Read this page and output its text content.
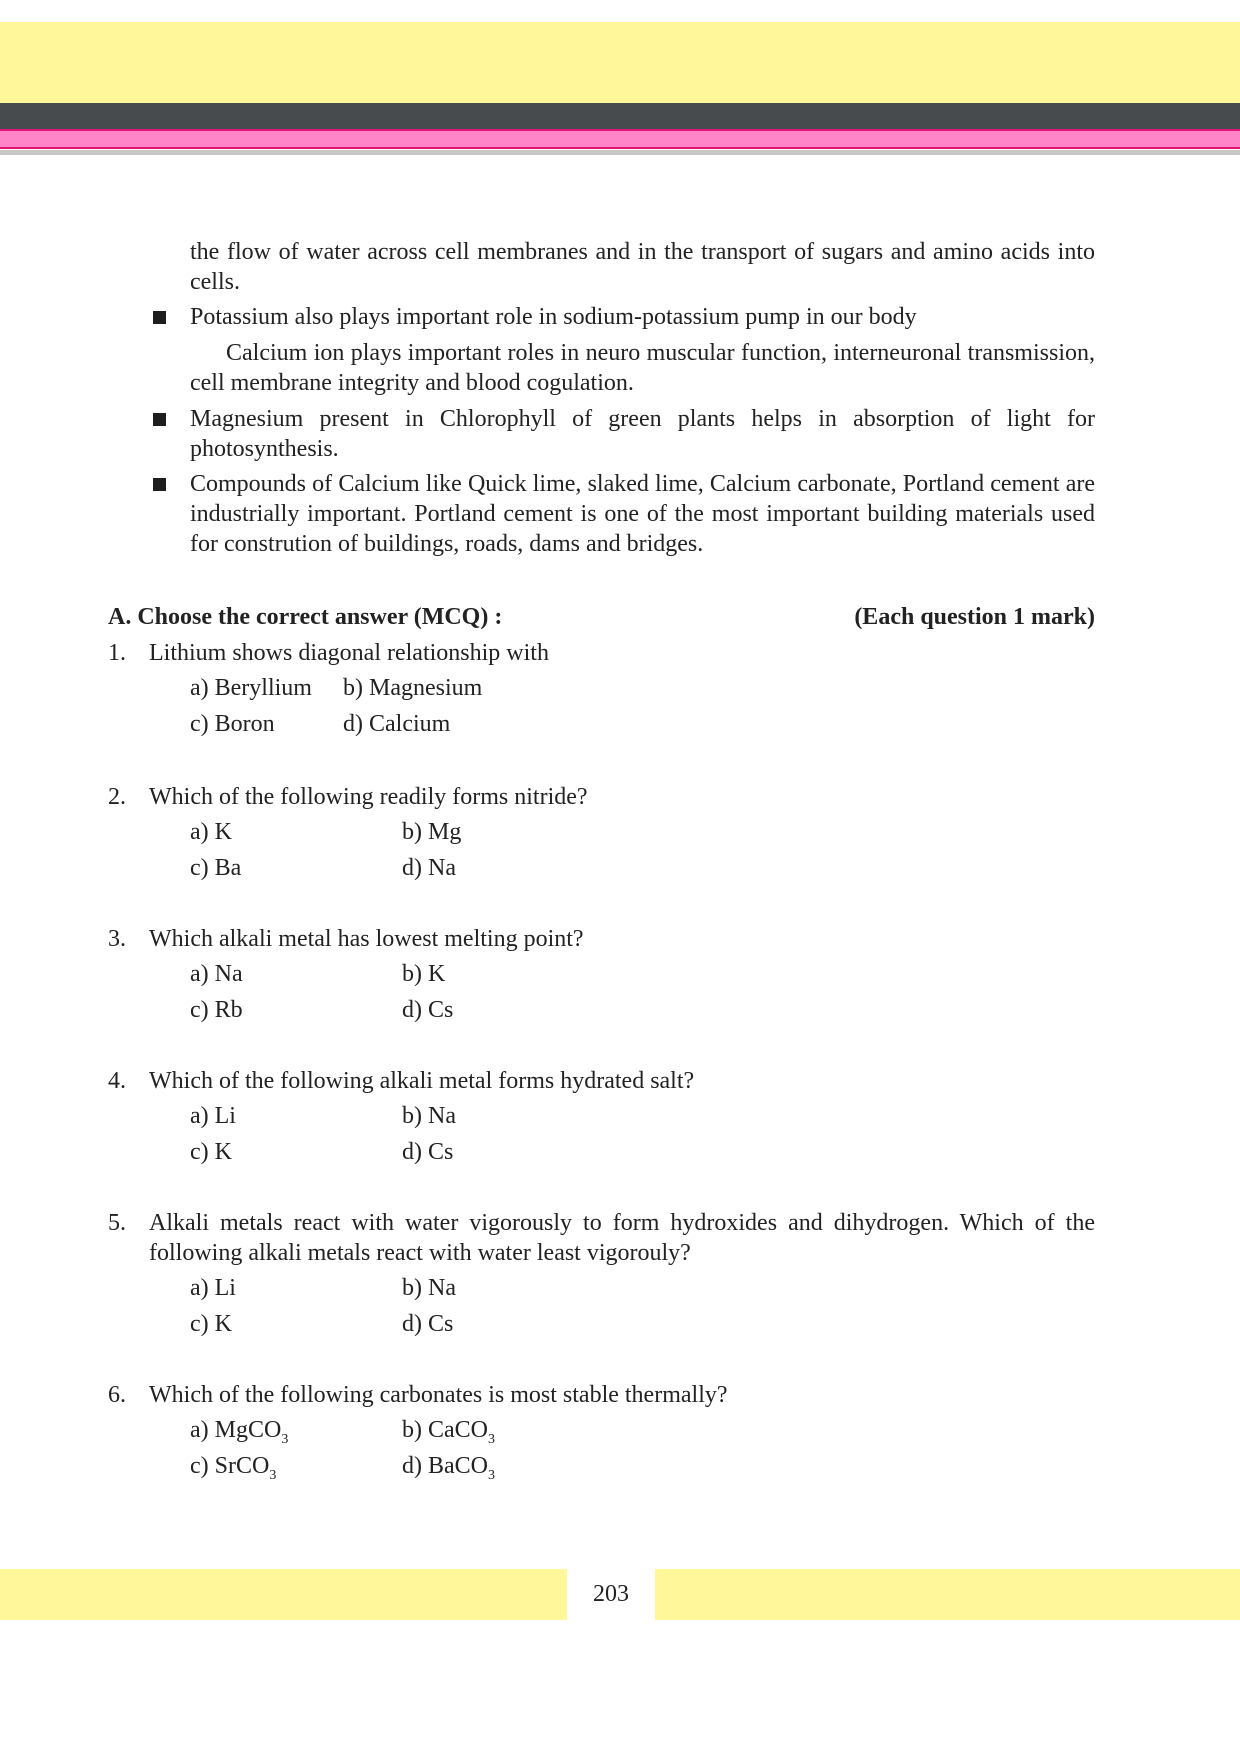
the flow of water across cell membranes and in the transport of sugars and amino acids into cells.
Potassium also plays important role in sodium-potassium pump in our body
Calcium ion plays important roles in neuro muscular function, interneuronal transmission, cell membrane integrity and blood cogulation.
Magnesium present in Chlorophyll of green plants helps in absorption of light for photosynthesis.
Compounds of Calcium like Quick lime, slaked lime, Calcium carbonate, Portland cement are industrially important. Portland cement is one of the most important building materials used for constrution of buildings, roads, dams and bridges.
A. Choose the correct answer (MCQ) :	(Each question 1 mark)
1. Lithium shows diagonal relationship with
a) Beryllium b) Magnesium
c) Boron	d) Calcium
2. Which of the following readily forms nitride?
a) K	b) Mg
c) Ba	d) Na
3. Which alkali metal has lowest melting point?
a) Na	b) K
c) Rb	d) Cs
4. Which of the following alkali metal forms hydrated salt?
a) Li	b) Na
c) K	d) Cs
5. Alkali metals react with water vigorously to form hydroxides and dihydrogen. Which of the following alkali metals react with water least vigorouly?
a) Li	b) Na
c) K	d) Cs
6. Which of the following carbonates is most stable thermally?
a) MgCO$_3$	b) CaCO$_3$
c) SrCO$_3$	d) BaCO$_3$
203
